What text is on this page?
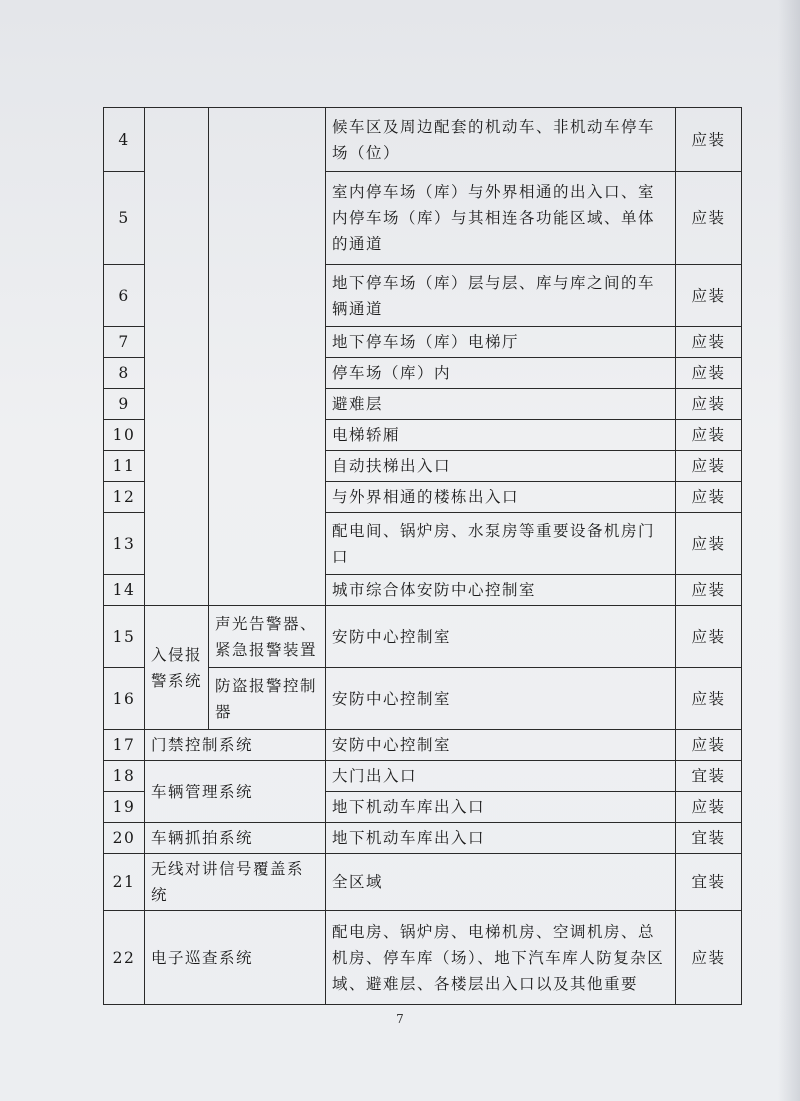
4			候车区及周边配套的机动车、非机动车停车场（位）	应装
5			室内停车场（库）与外界相通的出入口、室内停车场（库）与其相连各功能区域、单体的通道	应装
6			地下停车场（库）层与层、库与库之间的车辆通道	应装
7			地下停车场（库）电梯厅	应装
8			停车场（库）内	应装
9			避难层	应装
10			电梯轿厢	应装
11			自动扶梯出入口	应装
12			与外界相通的楼栋出入口	应装
13			配电间、锅炉房、水泵房等重要设备机房门口	应装
14			城市综合体安防中心控制室	应装
15	入侵报警系统	声光告警器、紧急报警装置	安防中心控制室	应装
16		防盗报警控制器	安防中心控制室	应装
17	门禁控制系统		安防中心控制室	应装
18	车辆管理系统		大门出入口	宜装
19			地下机动车库出入口	应装
20	车辆抓拍系统		地下机动车库出入口	宜装
21	无线对讲信号覆盖系统		全区域	宜装
22	电子巡查系统		配电房、锅炉房、电梯机房、空调机房、总机房、停车库（场）、地下汽车库人防复杂区域、避难层、各楼层出入口以及其他重要	应装
7
